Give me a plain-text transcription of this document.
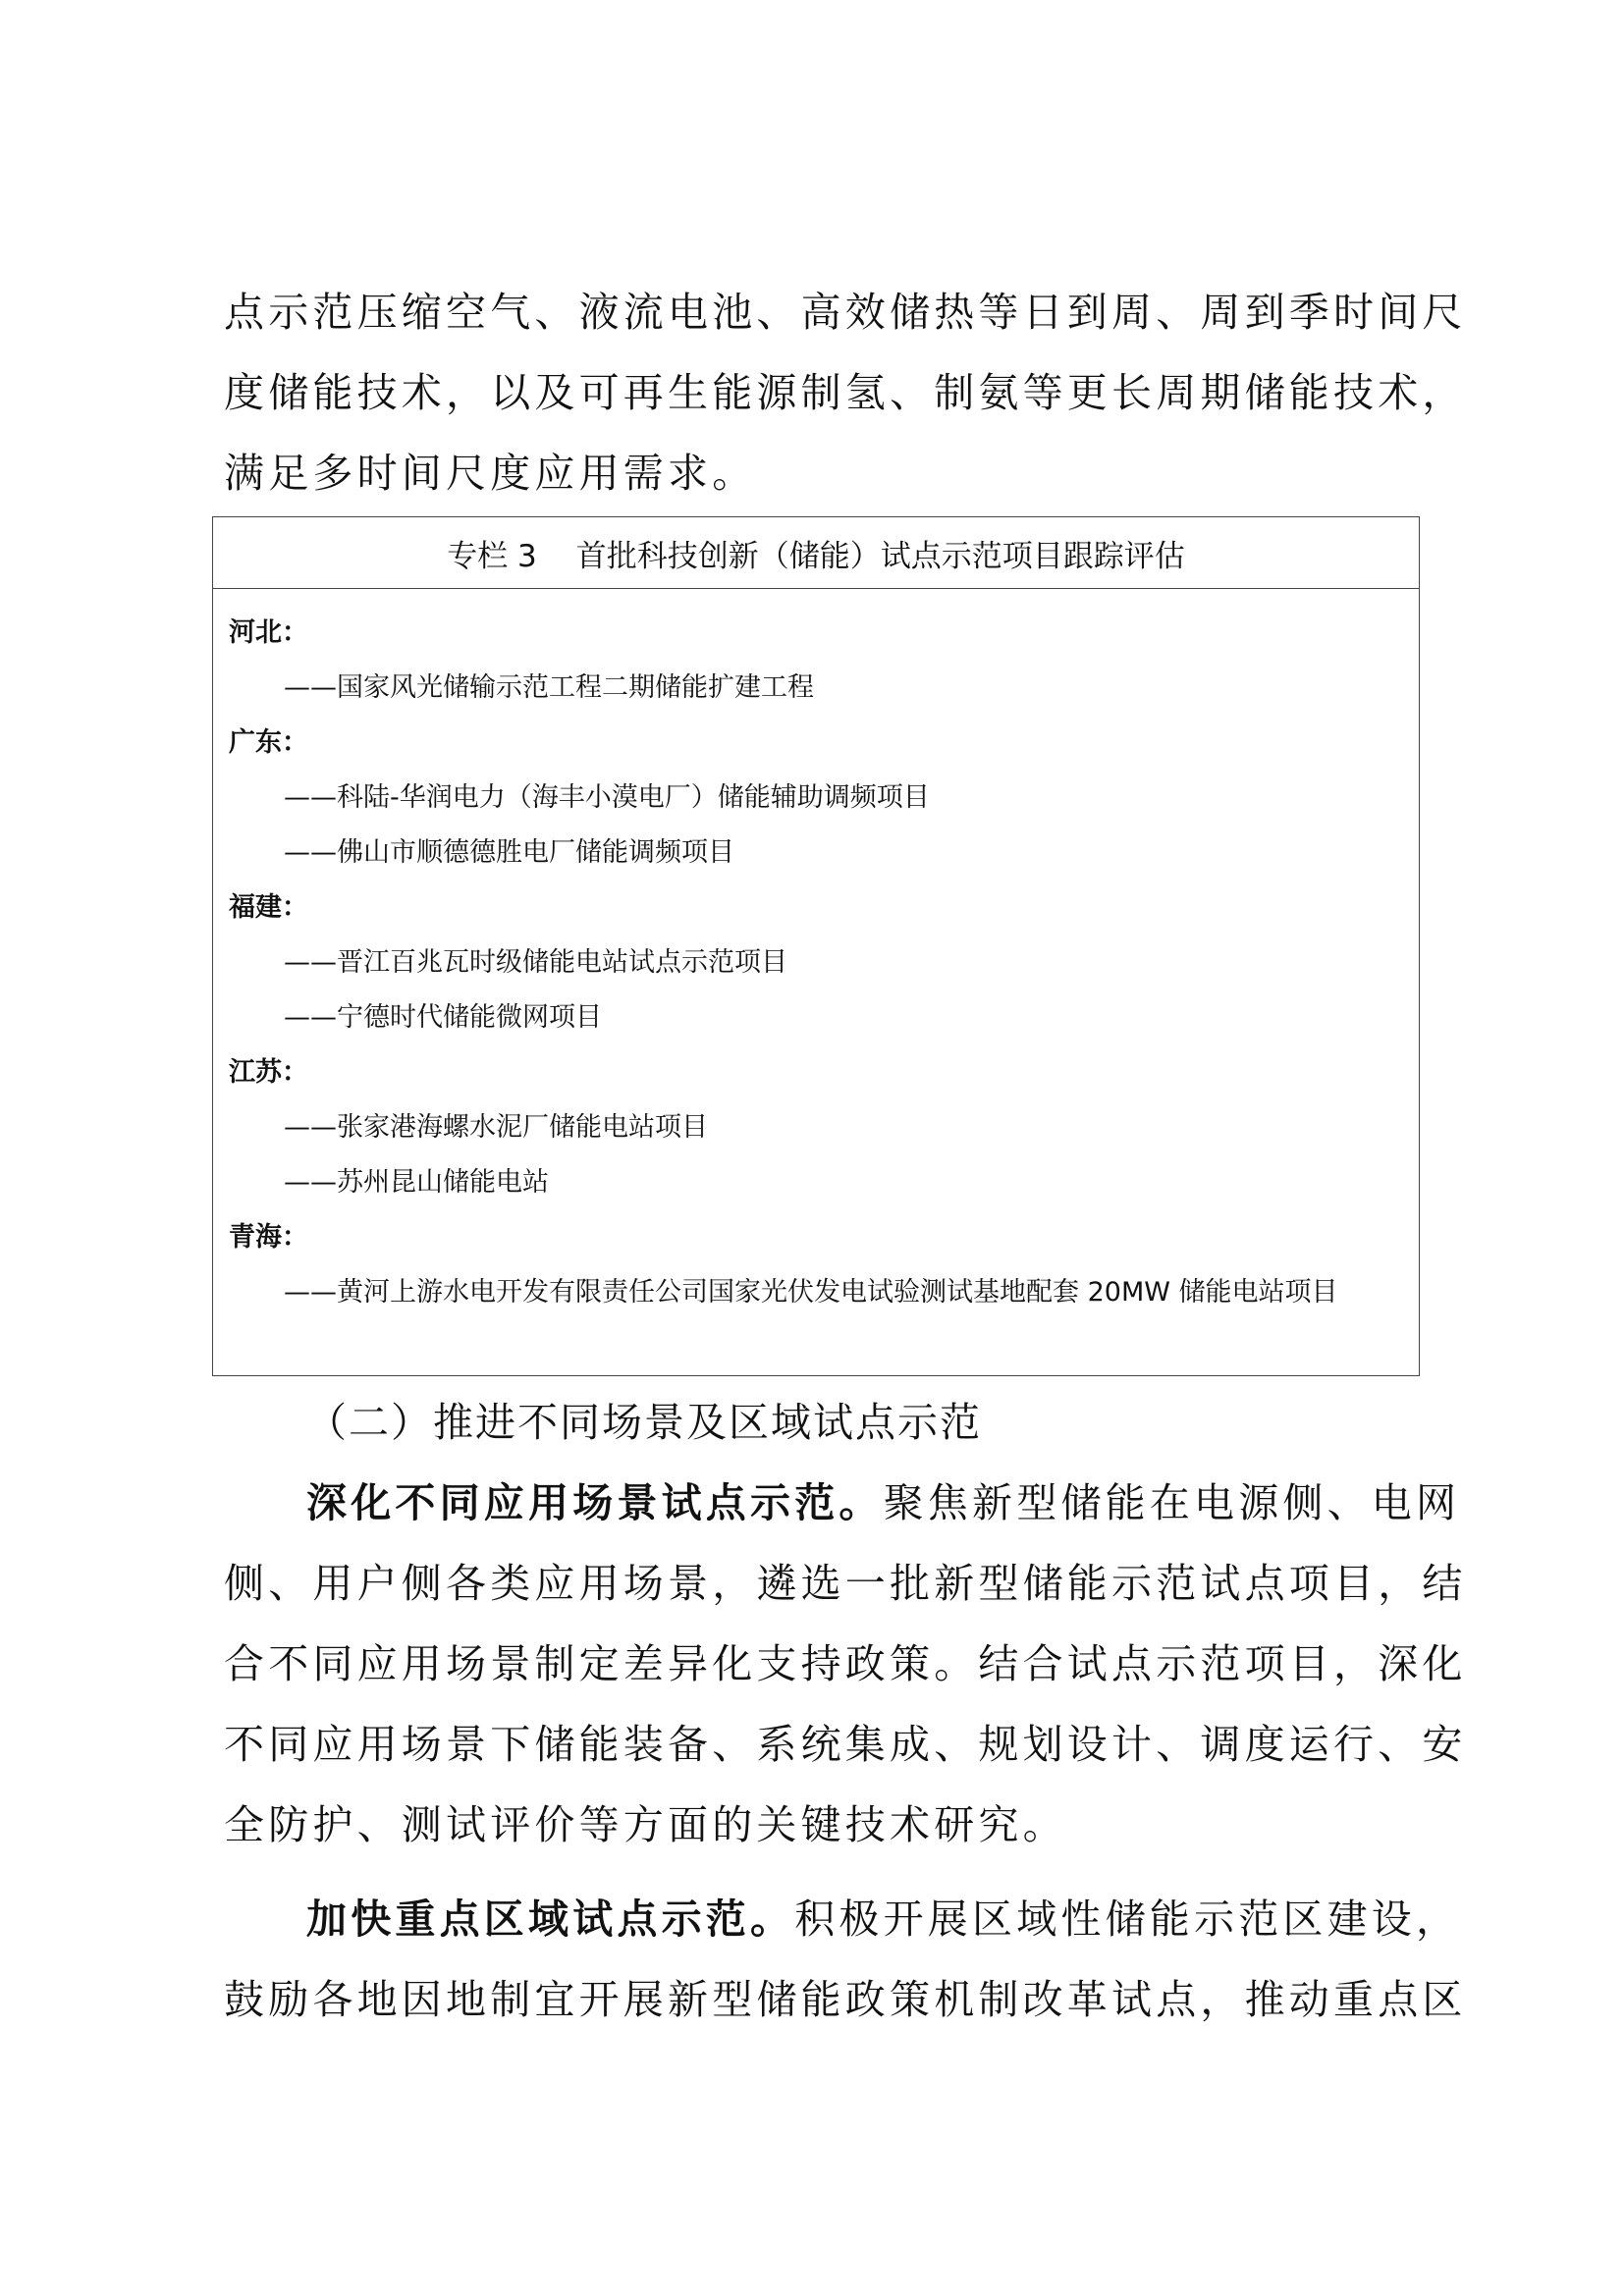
点示范压缩空气、液流电池、高效储热等日到周、周到季时间尺
度储能技术，以及可再生能源制氢、制氨等更长周期储能技术，
满足多时间尺度应用需求。
专栏 3 首批科技创新（储能）试点示范项目跟踪评估
河北：
——国家风光储输示范工程二期储能扩建工程
广东：
——科陆-华润电力（海丰小漠电厂）储能辅助调频项目
——佛山市顺德德胜电厂储能调频项目
福建：
——晋江百兆瓦时级储能电站试点示范项目
——宁德时代储能微网项目
江苏：
——张家港海螺水泥厂储能电站项目
——苏州昆山储能电站
青海：
——黄河上游水电开发有限责任公司国家光伏发电试验测试基地配套 20MW 储能电站项目
（二）推进不同场景及区域试点示范
深化不同应用场景试点示范。聚焦新型储能在电源侧、电网
侧、用户侧各类应用场景，遴选一批新型储能示范试点项目，结
合不同应用场景制定差异化支持政策。结合试点示范项目，深化
不同应用场景下储能装备、系统集成、规划设计、调度运行、安
全防护、测试评价等方面的关键技术研究。
加快重点区域试点示范。积极开展区域性储能示范区建设，
鼓励各地因地制宜开展新型储能政策机制改革试点，推动重点区
